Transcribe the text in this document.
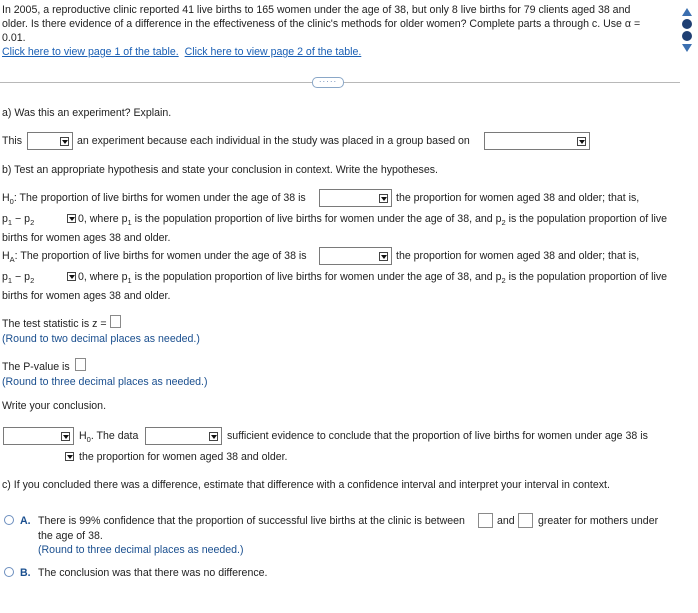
In 2005, a reproductive clinic reported 41 live births to 165 women under the age of 38, but only 8 live births for 79 clients aged 38 and older. Is there evidence of a difference in the effectiveness of the clinic's methods for older women? Complete parts a through c. Use α = 0.01.
Click here to view page 1 of the table. Click here to view page 2 of the table.
·····
a) Was this an experiment? Explain.
This	an experiment because each individual in the study was placed in a group based on
b) Test an appropriate hypothesis and state your conclusion in context. Write the hypotheses.
$H_0$: The proportion of live births for women under the age of 38 is	the proportion for women aged 38 and older; that is,
$p_1 - p_2$	0, where $p_1$ is the population proportion of live births for women under the age of 38, and $p_2$ is the population proportion of live
births for women ages 38 and older.
$H_A$: The proportion of live births for women under the age of 38 is	the proportion for women aged 38 and older; that is,
$p_1 - p_2$	0, where $p_1$ is the population proportion of live births for women under the age of 38, and $p_2$ is the population proportion of live
births for women ages 38 and older.
The test statistic is z =
(Round to two decimal places as needed.)
The P-value is
(Round to three decimal places as needed.)
Write your conclusion.
$H_0$. The data	sufficient evidence to conclude that the proportion of live births for women under age 38 is
the proportion for women aged 38 and older.
c) If you concluded there was a difference, estimate that difference with a confidence interval and interpret your interval in context.
A. There is 99% confidence that the proportion of successful live births at the clinic is between	and greater for mothers under
the age of 38.
(Round to three decimal places as needed.)
B. The conclusion was that there was no difference.
